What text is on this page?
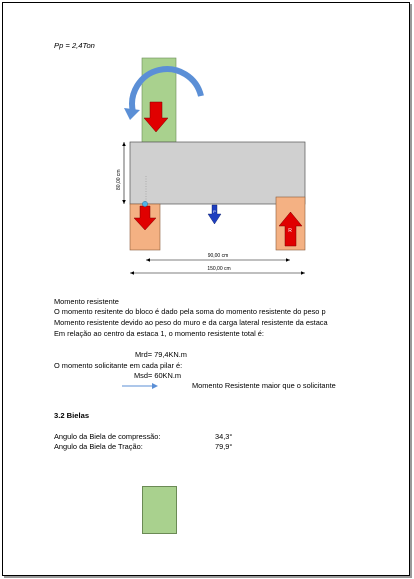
Pp = 2,4Ton
R
P
80,00 cm
90,00 cm
150,00 cm
Momento resistente
O momento resitente do bloco é dado pela soma do momento resistente do peso p
Momento resistente devido ao peso do muro e da carga lateral resistente da estaca
Em relação ao centro da estaca 1, o momento resistente total é:
Mrd= 79,4KN.m
O momento solicitante em cada pilar é:
Msd= 60KN.m
Momento Resistente maior que o solicitante
3.2 Bielas
Angulo da Biela de compressão:	34,3°
Angulo da Biela de Tração:	79,9°
